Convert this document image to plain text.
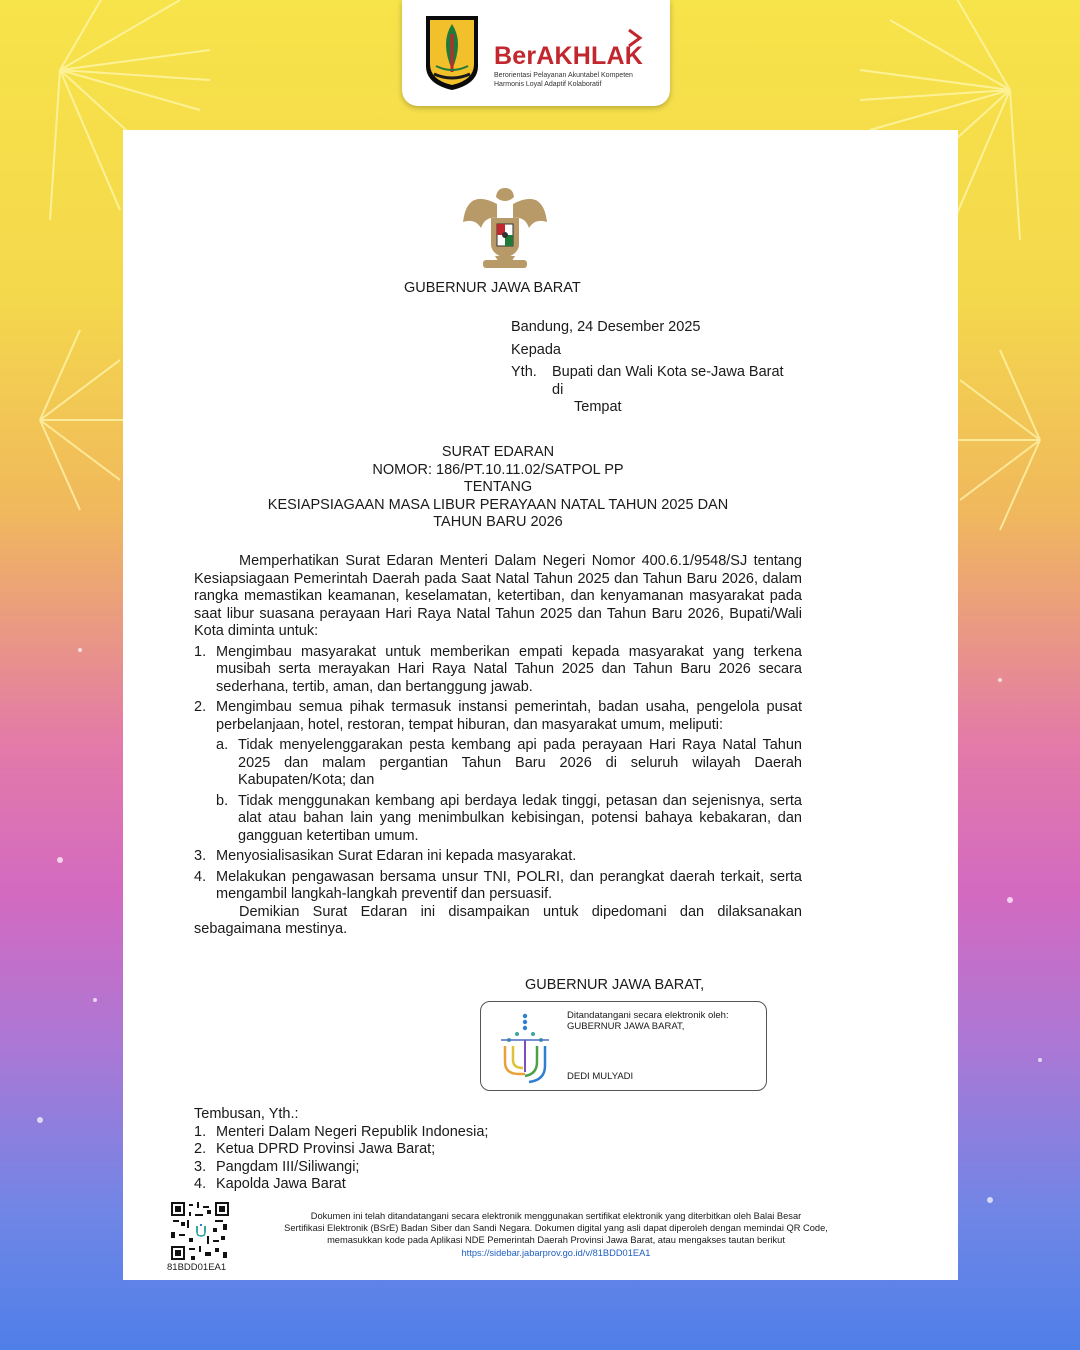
BerAKHLAK
Berorientasi Pelayanan Akuntabel Kompeten
Harmonis Loyal Adaptif Kolaboratif
GUBERNUR JAWA BARAT
Bandung, 24 Desember 2025
Kepada
Yth.	Bupati dan Wali Kota se-Jawa Barat
di
Tempat
SURAT EDARAN
NOMOR: 186/PT.10.11.02/SATPOL PP
TENTANG
KESIAPSIAGAAN MASA LIBUR PERAYAAN NATAL TAHUN 2025 DAN
TAHUN BARU 2026

Memperhatikan Surat Edaran Menteri Dalam Negeri Nomor 400.6.1/9548/SJ tentang Kesiapsiagaan Pemerintah Daerah pada Saat Natal Tahun 2025 dan Tahun Baru 2026, dalam rangka memastikan keamanan, keselamatan, ketertiban, dan kenyamanan masyarakat pada saat libur suasana perayaan Hari Raya Natal Tahun 2025 dan Tahun Baru 2026, Bupati/Wali Kota diminta untuk:

1. Mengimbau masyarakat untuk memberikan empati kepada masyarakat yang terkena musibah serta merayakan Hari Raya Natal Tahun 2025 dan Tahun Baru 2026 secara sederhana, tertib, aman, dan bertanggung jawab.
2. Mengimbau semua pihak termasuk instansi pemerintah, badan usaha, pengelola pusat perbelanjaan, hotel, restoran, tempat hiburan, dan masyarakat umum, meliputi:
a. Tidak menyelenggarakan pesta kembang api pada perayaan Hari Raya Natal Tahun 2025 dan malam pergantian Tahun Baru 2026 di seluruh wilayah Daerah Kabupaten/Kota; dan
b. Tidak menggunakan kembang api berdaya ledak tinggi, petasan dan sejenisnya, serta alat atau bahan lain yang menimbulkan kebisingan, potensi bahaya kebakaran, dan gangguan ketertiban umum.
3. Menyosialisasikan Surat Edaran ini kepada masyarakat.
4. Melakukan pengawasan bersama unsur TNI, POLRI, dan perangkat daerah terkait, serta mengambil langkah-langkah preventif dan persuasif.

Demikian Surat Edaran ini disampaikan untuk dipedomani dan dilaksanakan sebagaimana mestinya.

GUBERNUR JAWA BARAT,
Ditandatangani secara elektronik oleh:
GUBERNUR JAWA BARAT,
DEDI MULYADI
Tembusan, Yth.:
1. Menteri Dalam Negeri Republik Indonesia;
2. Ketua DPRD Provinsi Jawa Barat;
3. Pangdam III/Siliwangi;
4. Kapolda Jawa Barat
81BDD01EA1
Dokumen ini telah ditandatangani secara elektronik menggunakan sertifikat elektronik yang diterbitkan oleh Balai Besar
Sertifikasi Elektronik (BSrE) Badan Siber dan Sandi Negara. Dokumen digital yang asli dapat diperoleh dengan memindai QR Code,
memasukkan kode pada Aplikasi NDE Pemerintah Daerah Provinsi Jawa Barat, atau mengakses tautan berikut
https://sidebar.jabarprov.go.id/v/81BDD01EA1
